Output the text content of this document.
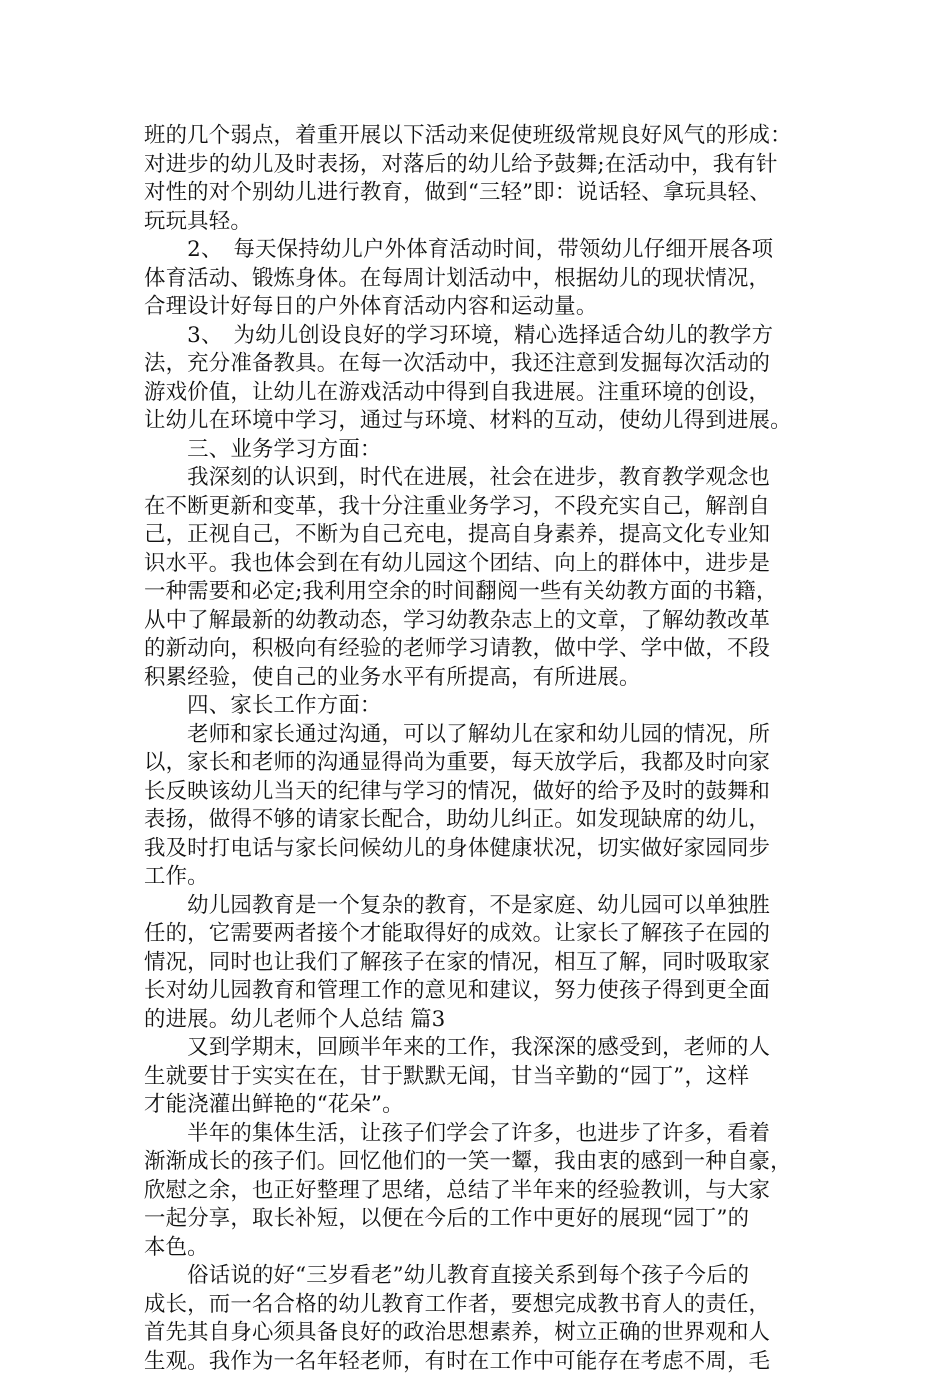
班的几个弱点，着重开展以下活动来促使班级常规良好风气的形成：
对进步的幼儿及时表扬，对落后的幼儿给予鼓舞;在活动中，我有针
对性的对个别幼儿进行教育，做到“三轻”即：说话轻、拿玩具轻、
玩玩具轻。
　　2、　每天保持幼儿户外体育活动时间，带领幼儿仔细开展各项
体育活动、锻炼身体。在每周计划活动中，根据幼儿的现状情况，
合理设计好每日的户外体育活动内容和运动量。
　　3、　为幼儿创设良好的学习环境，精心选择适合幼儿的教学方
法，充分准备教具。在每一次活动中，我还注意到发掘每次活动的
游戏价值，让幼儿在游戏活动中得到自我进展。注重环境的创设，
让幼儿在环境中学习，通过与环境、材料的互动，使幼儿得到进展。
　　三、业务学习方面：
　　我深刻的认识到，时代在进展，社会在进步，教育教学观念也
在不断更新和变革，我十分注重业务学习，不段充实自己，解剖自
己，正视自己，不断为自己充电，提高自身素养，提高文化专业知
识水平。我也体会到在有幼儿园这个团结、向上的群体中，进步是
一种需要和必定;我利用空余的时间翻阅一些有关幼教方面的书籍，
从中了解最新的幼教动态，学习幼教杂志上的文章，了解幼教改革
的新动向，积极向有经验的老师学习请教，做中学、学中做，不段
积累经验，使自己的业务水平有所提高，有所进展。
　　四、家长工作方面：
　　老师和家长通过沟通，可以了解幼儿在家和幼儿园的情况，所
以，家长和老师的沟通显得尚为重要，每天放学后，我都及时向家
长反映该幼儿当天的纪律与学习的情况，做好的给予及时的鼓舞和
表扬，做得不够的请家长配合，助幼儿纠正。如发现缺席的幼儿，
我及时打电话与家长问候幼儿的身体健康状况，切实做好家园同步
工作。
　　幼儿园教育是一个复杂的教育，不是家庭、幼儿园可以单独胜
任的，它需要两者接个才能取得好的成效。让家长了解孩子在园的
情况，同时也让我们了解孩子在家的情况，相互了解，同时吸取家
长对幼儿园教育和管理工作的意见和建议，努力使孩子得到更全面
的进展。幼儿老师个人总结 篇3
　　又到学期末，回顾半年来的工作，我深深的感受到，老师的人
生就要甘于实实在在，甘于默默无闻，甘当辛勤的“园丁”，这样
才能浇灌出鲜艳的“花朵”。
　　半年的集体生活，让孩子们学会了许多，也进步了许多，看着
渐渐成长的孩子们。回忆他们的一笑一颦，我由衷的感到一种自豪，
欣慰之余，也正好整理了思绪，总结了半年来的经验教训，与大家
一起分享，取长补短，以便在今后的工作中更好的展现“园丁”的
本色。
　　俗话说的好“三岁看老”幼儿教育直接关系到每个孩子今后的
成长，而一名合格的幼儿教育工作者，要想完成教书育人的责任，
首先其自身心须具备良好的政治思想素养，树立正确的世界观和人
生观。我作为一名年轻老师，有时在工作中可能存在考虑不周，毛
